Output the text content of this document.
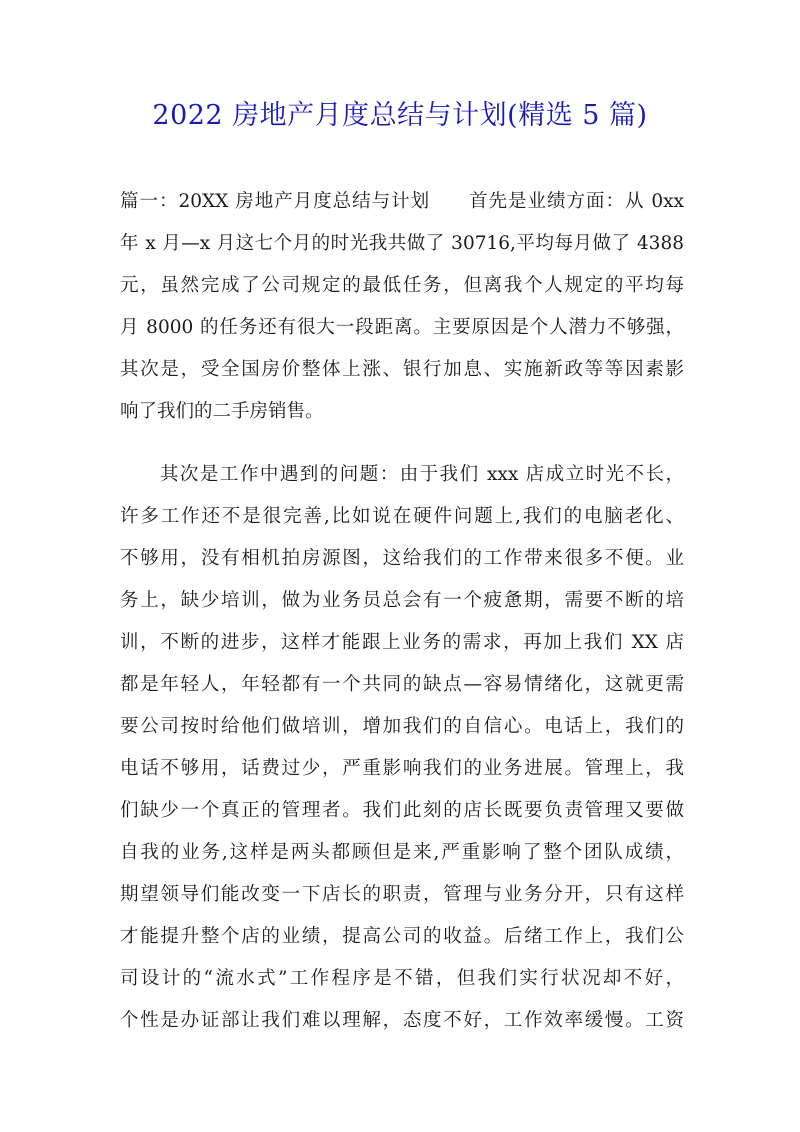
2022 房地产月度总结与计划(精选 5 篇)
篇一：20XX 房地产月度总结与计划　　首先是业绩方面：从 0xx
年 x 月—x 月这七个月的时光我共做了 30716,平均每月做了 4388
元，虽然完成了公司规定的最低任务，但离我个人规定的平均每
月 8000 的任务还有很大一段距离。主要原因是个人潜力不够强，
其次是，受全国房价整体上涨、银行加息、实施新政等等因素影
响了我们的二手房销售。
　　其次是工作中遇到的问题：由于我们 xxx 店成立时光不长，
许多工作还不是很完善,比如说在硬件问题上,我们的电脑老化、
不够用，没有相机拍房源图，这给我们的工作带来很多不便。业
务上，缺少培训，做为业务员总会有一个疲惫期，需要不断的培
训，不断的进步，这样才能跟上业务的需求，再加上我们 XX 店
都是年轻人，年轻都有一个共同的缺点—容易情绪化，这就更需
要公司按时给他们做培训，增加我们的自信心。电话上，我们的
电话不够用，话费过少，严重影响我们的业务进展。管理上，我
们缺少一个真正的管理者。我们此刻的店长既要负责管理又要做
自我的业务,这样是两头都顾但是来,严重影响了整个团队成绩，
期望领导们能改变一下店长的职责，管理与业务分开，只有这样
才能提升整个店的业绩，提高公司的收益。后绪工作上，我们公
司设计的“流水式”工作程序是不错，但我们实行状况却不好，
个性是办证部让我们难以理解，态度不好，工作效率缓慢。工资
